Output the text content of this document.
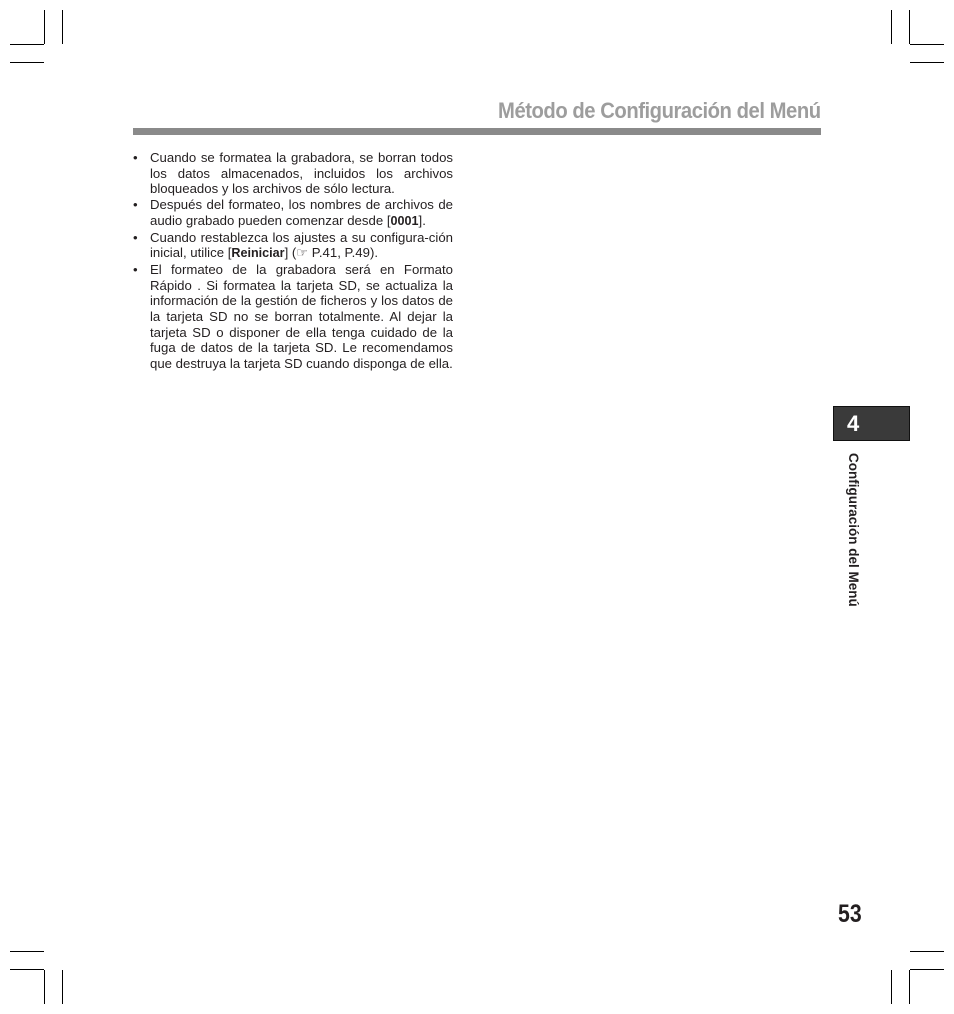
Método de Configuración del Menú
• Cuando se formatea la grabadora, se borran todos los datos almacenados, incluidos los archivos bloqueados y los archivos de sólo lectura.
• Después del formateo, los nombres de archivos de audio grabado pueden comenzar desde [0001].
• Cuando restablezca los ajustes a su configura-ción inicial, utilice [Reiniciar] (☞ P.41, P.49).
• El formateo de la grabadora será en Formato Rápido . Si formatea la tarjeta SD, se actualiza la información de la gestión de ficheros y los datos de la tarjeta SD no se borran totalmente. Al dejar la tarjeta SD o disponer de ella tenga cuidado de la fuga de datos de la tarjeta SD. Le recomendamos que destruya la tarjeta SD cuando disponga de ella.
4
Configuración del Menú
53
